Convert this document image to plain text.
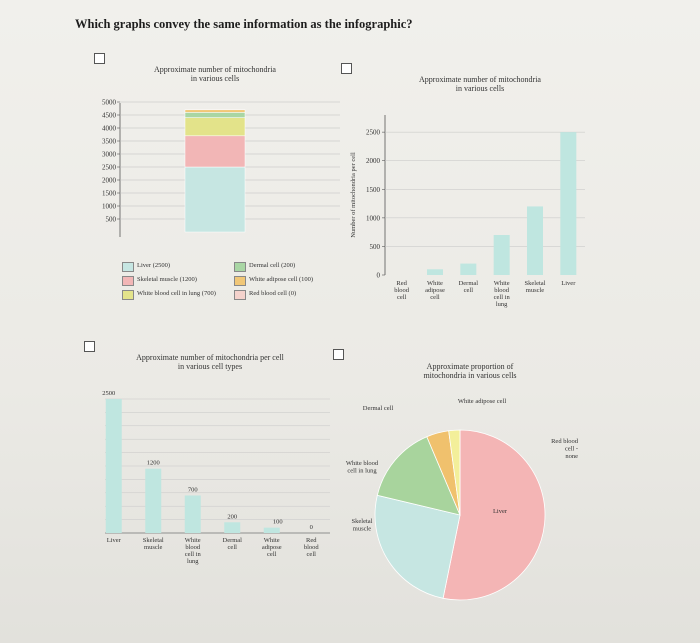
Which graphs convey the same information as the infographic?
Approximate number of mitochondria in various cells
500
1000
1500
2000
2500
3000
3500
4000
4500
5000
Liver (2500)	Dermal cell (200)
Skeletal muscle (1200)	White adipose cell (100)
White blood cell in lung (700)	Red blood cell (0)
Approximate number of mitochondria in various cells
0
500
1000
1500
2000
2500
Number of mitochondria per cell
Red blood cell
White adipose cell
Dermal cell
White blood cell in lung
Skeletal muscle
Liver
Approximate number of mitochondria per cell in various cell types
2500
Liver
1200
Skeletal muscle
700
White blood cell in lung
200
Dermal cell
100
White adipose cell
0
Red blood cell
Approximate proportion of mitochondria in various cells
Liver
Skeletal muscle
White blood cell in lung
Dermal cell
White adipose cell
Red blood cell -none
